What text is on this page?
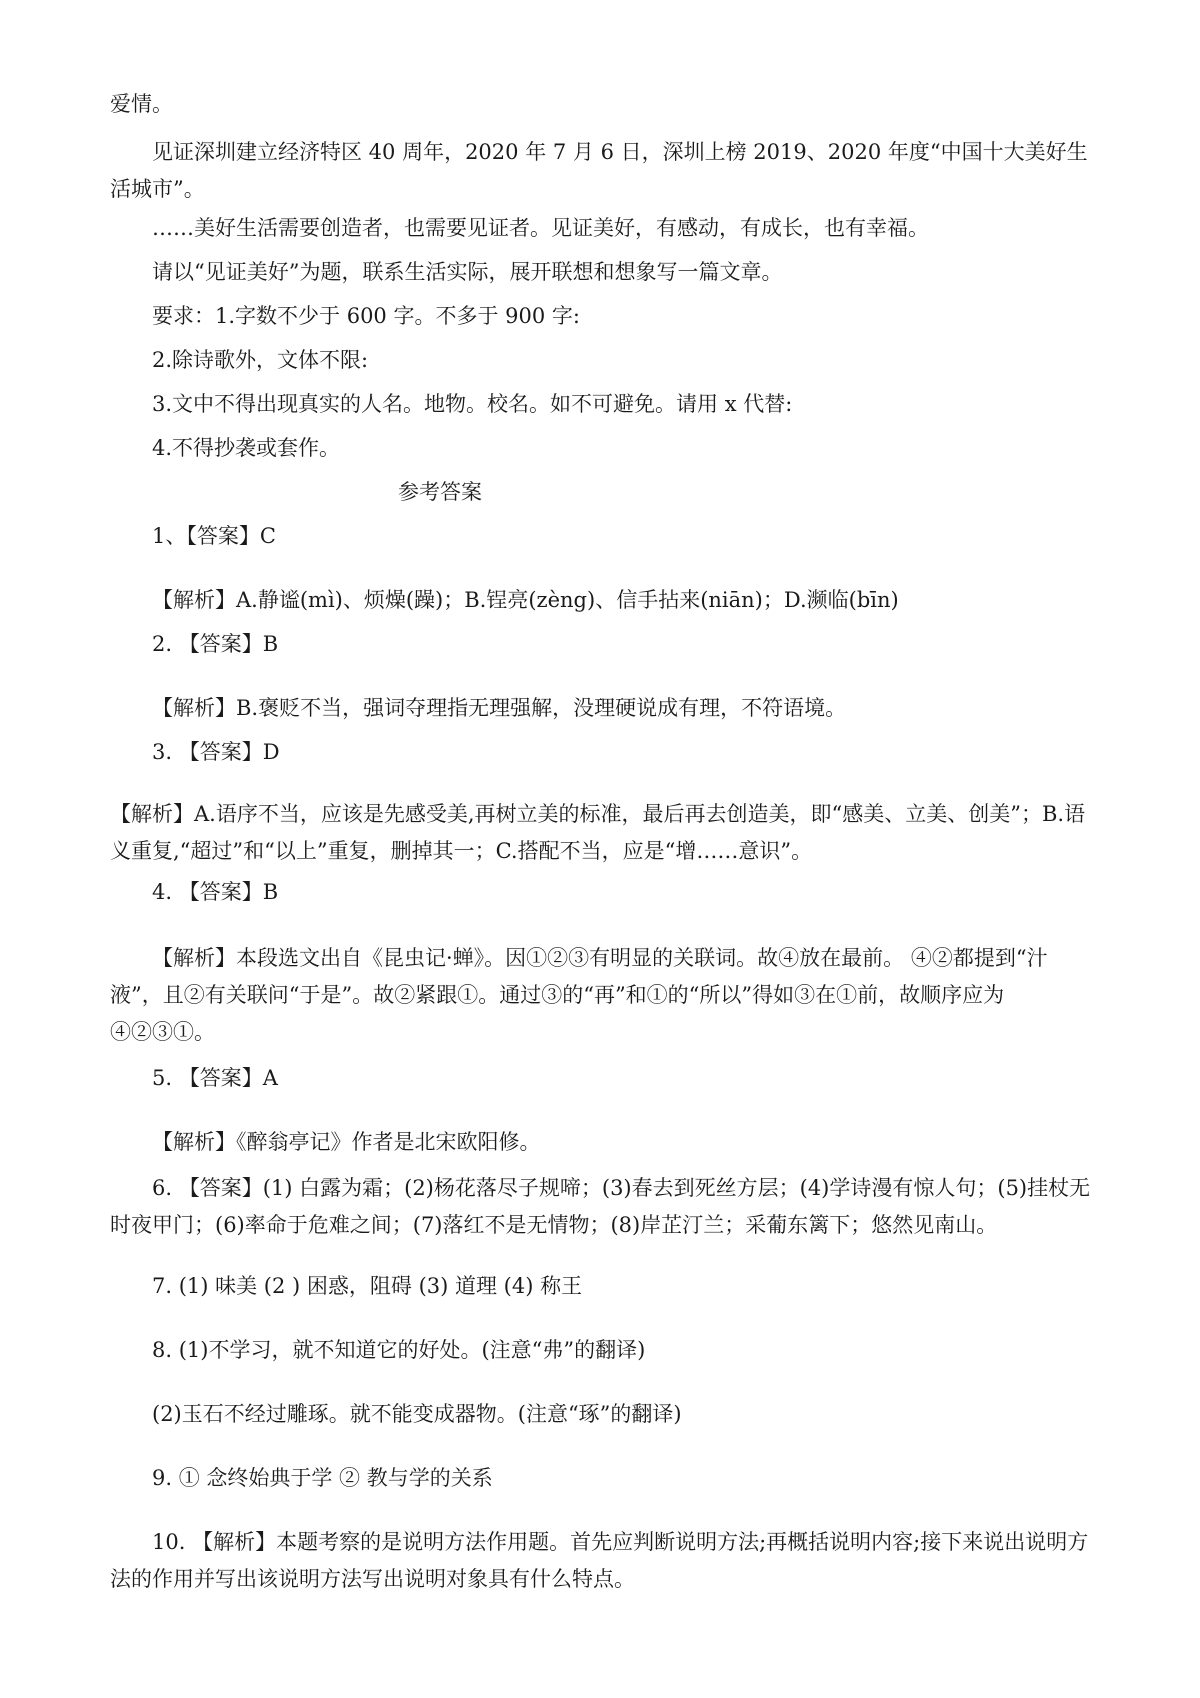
爱情。
见证深圳建立经济特区 40 周年，2020 年 7 月 6 日，深圳上榜 2019、2020 年度“中国十大美好生活城市”。
……美好生活需要创造者，也需要见证者。见证美好，有感动，有成长，也有幸福。
请以“见证美好”为题，联系生活实际，展开联想和想象写一篇文章。
要求：1.字数不少于 600 字。不多于 900 字:
2.除诗歌外，文体不限:
3.文中不得出现真实的人名。地物。校名。如不可避免。请用 x 代替:
4.不得抄袭或套作。
参考答案
1、【答案】C
【解析】A.静谧(mì)、烦燥(躁)；B.锃亮(zèng)、信手拈来(niān)；D.濒临(bīn)
2. 【答案】B
【解析】B.褒贬不当，强词夺理指无理强解，没理硬说成有理，不符语境。
3. 【答案】D
【解析】A.语序不当，应该是先感受美,再树立美的标准，最后再去创造美，即“感美、立美、创美”；B.语义重复,“超过”和“以上”重复，删掉其一；C.搭配不当，应是“增……意识”。
4. 【答案】B
【解析】本段选文出自《昆虫记·蝉》。因①②③有明显的关联词。故④放在最前。 ④②都提到“汁液”，且②有关联问“于是”。故②紧跟①。通过③的“再”和①的“所以”得如③在①前，故顺序应为④②③①。
5. 【答案】A
【解析】《醉翁亭记》作者是北宋欧阳修。
6. 【答案】(1) 白露为霜；(2)杨花落尽子规啼；(3)春去到死丝方层；(4)学诗漫有惊人句；(5)挂杖无时夜甲门；(6)率命于危难之间；(7)落红不是无情物；(8)岸芷汀兰；采葡东篱下；悠然见南山。
7. (1) 味美 (2 ) 困惑，阻碍 (3) 道理 (4) 称王
8. (1)不学习，就不知道它的好处。(注意“弗”的翻译)
(2)玉石不经过雕琢。就不能变成器物。(注意“琢”的翻译)
9. ① 念终始典于学 ② 教与学的关系
10. 【解析】本题考察的是说明方法作用题。首先应判断说明方法;再概括说明内容;接下来说出说明方法的作用并写出该说明方法写出说明对象具有什么特点。
